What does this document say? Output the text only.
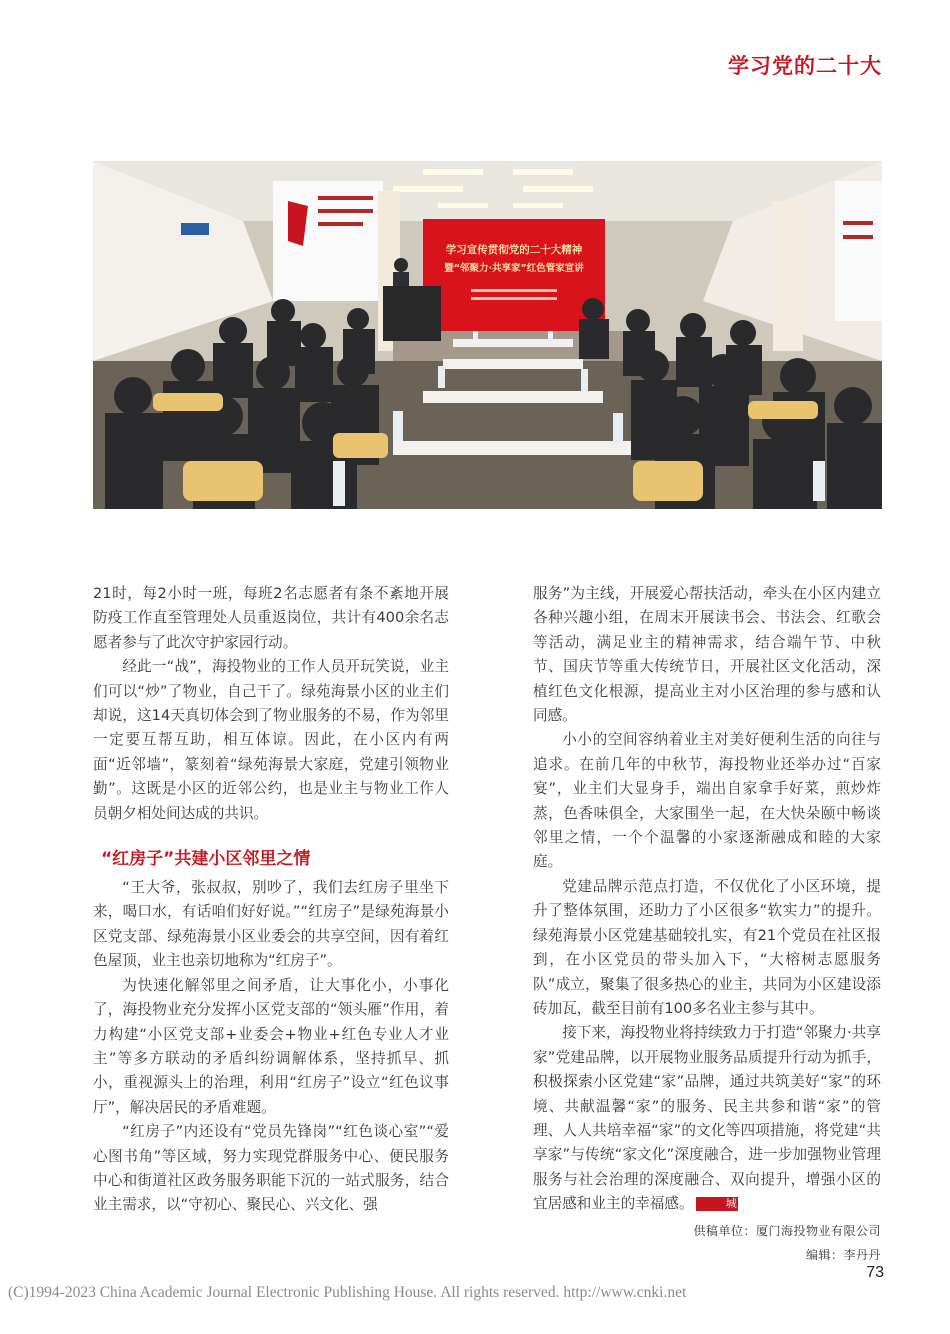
学习党的二十大
学习宣传贯彻党的二十大精神
暨“邻聚力·共享家”红色管家宣讲

21时，每2小时一班，每班2名志愿者有条不紊地开展防疫工作直至管理处人员重返岗位，共计有400余名志愿者参与了此次守护家园行动。

经此一“战”，海投物业的工作人员开玩笑说，业主们可以“炒”了物业，自己干了。绿苑海景小区的业主们却说，这14天真切体会到了物业服务的不易，作为邻里一定要互帮互助，相互体谅。因此，在小区内有两面“近邻墙”，篆刻着“绿苑海景大家庭，党建引领物业勤”。这既是小区的近邻公约，也是业主与物业工作人员朝夕相处间达成的共识。

“红房子”共建小区邻里之情

“王大爷，张叔叔，别吵了，我们去红房子里坐下来，喝口水，有话咱们好好说。”“红房子”是绿苑海景小区党支部、绿苑海景小区业委会的共享空间，因有着红色屋顶，业主也亲切地称为“红房子”。

为快速化解邻里之间矛盾，让大事化小，小事化了，海投物业充分发挥小区党支部的“领头雁”作用，着力构建“小区党支部+业委会+物业+红色专业人才业主”等多方联动的矛盾纠纷调解体系，坚持抓早、抓小，重视源头上的治理，利用“红房子”设立“红色议事厅”，解决居民的矛盾难题。

“红房子”内还设有“党员先锋岗”“红色谈心室”“爱心图书角”等区域，努力实现党群服务中心、便民服务中心和街道社区政务服务职能下沉的一站式服务，结合业主需求，以“守初心、聚民心、兴文化、强

服务”为主线，开展爱心帮扶活动，牵头在小区内建立各种兴趣小组，在周末开展读书会、书法会、红歌会等活动，满足业主的精神需求，结合端午节、中秋节、国庆节等重大传统节日，开展社区文化活动，深植红色文化根源，提高业主对小区治理的参与感和认同感。

小小的空间容纳着业主对美好便利生活的向往与追求。在前几年的中秋节，海投物业还举办过“百家宴”，业主们大显身手，端出自家拿手好菜，煎炒炸蒸，色香味俱全，大家围坐一起，在大快朵颐中畅谈邻里之情，一个个温馨的小家逐渐融成和睦的大家庭。

党建品牌示范点打造，不仅优化了小区环境，提升了整体氛围，还助力了小区很多“软实力”的提升。绿苑海景小区党建基础较扎实，有21个党员在社区报到，在小区党员的带头加入下，“大榕树志愿服务队”成立，聚集了很多热心的业主，共同为小区建设添砖加瓦，截至目前有100多名业主参与其中。

接下来，海投物业将持续致力于打造“邻聚力·共享家”党建品牌，以开展物业服务品质提升行动为抓手，积极探索小区党建“家”品牌，通过共筑美好“家”的环境、共献温馨“家”的服务、民主共参和谐“家”的管理、人人共培幸福“家”的文化等四项措施，将党建“共享家”与传统“家文化”深度融合，进一步加强物业管理服务与社会治理的深度融合、双向提升，增强小区的宜居感和业主的幸福感。	城

供稿单位：厦门海投物业有限公司
编辑：李丹丹
73
(C)1994-2023 China Academic Journal Electronic Publishing House. All rights reserved. http://www.cnki.net
